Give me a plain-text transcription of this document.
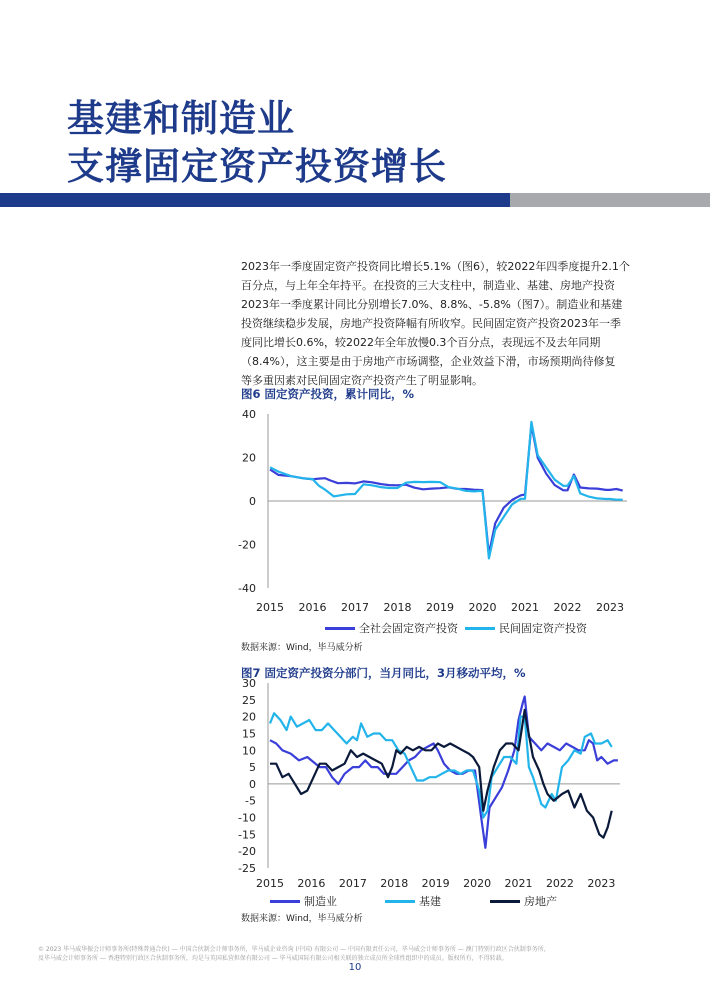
基建和制造业
支撑固定资产投资增长
2023年一季度固定资产投资同比增长5.1%（图6），较2022年四季度提升2.1个
百分点，与上年全年持平。在投资的三大支柱中，制造业、基建、房地产投资
2023年一季度累计同比分别增长7.0%、8.8%、-5.8%（图7）。制造业和基建
投资继续稳步发展，房地产投资降幅有所收窄。民间固定资产投资2023年一季
度同比增长0.6%，较2022年全年放慢0.3个百分点，表现远不及去年同期
（8.4%），这主要是由于房地产市场调整，企业效益下滑，市场预期尚待修复
等多重因素对民间固定资产投资产生了明显影响。
图6 固定资产投资，累计同比，%
40
20
0
-20
-40
2015 2016 2017 2018 2019 2020 2021 2022 2023
全社会固定资产投资	民间固定资产投资
数据来源：Wind，毕马威分析
图7 固定资产投资分部门，当月同比，3月移动平均，%
30
25
20
15
10
5
0
-5
-10
-15
-20
-25
2015 2016 2017 2018 2019 2020 2021 2022 2023
制造业	基建	房地产
数据来源：Wind，毕马威分析
© 2023 毕马威华振会计师事务所(特殊普通合伙) — 中国合伙制会计师事务所，毕马威企业咨询 (中国) 有限公司 — 中国有限责任公司，毕马威会计师事务所 — 澳门特别行政区合伙制事务所，
及毕马威会计师事务所 — 香港特别行政区合伙制事务所，均是与英国私营担保有限公司 — 毕马威国际有限公司相关联的独立成员所全球性组织中的成员。版权所有，不得转载。
10
